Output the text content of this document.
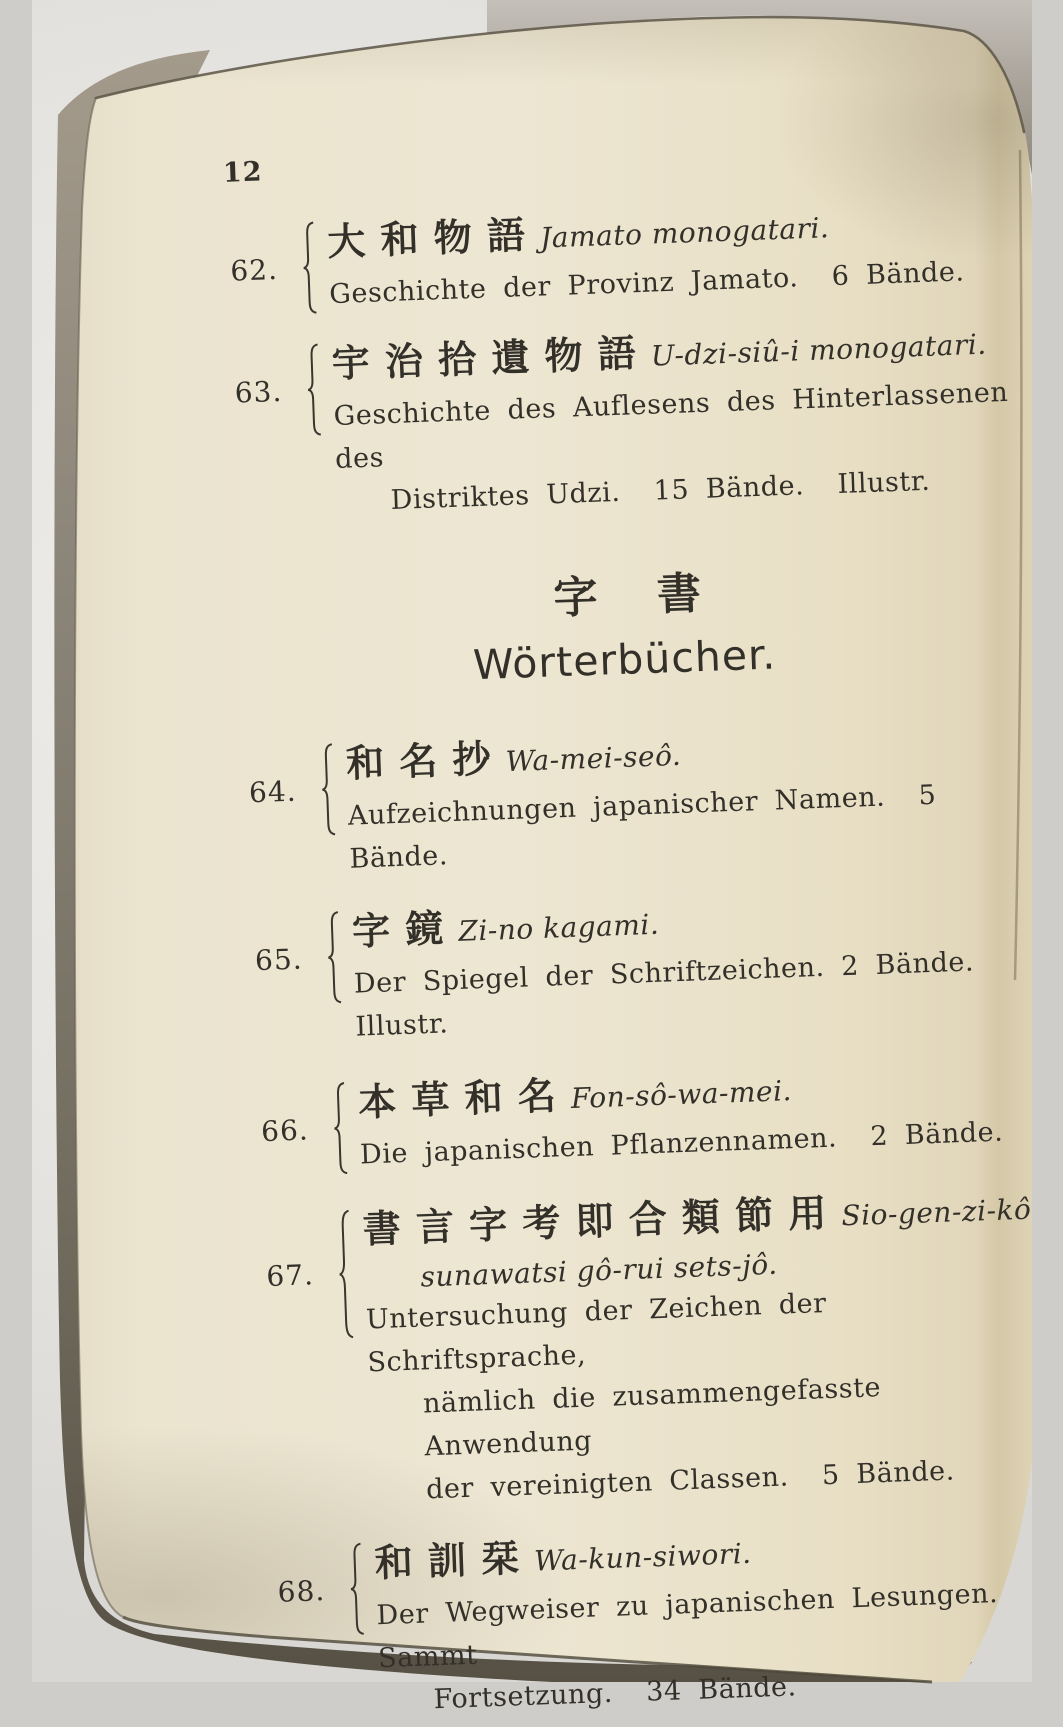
12
62.
大 和 物 語 Jamato monogatari.
Geschichte der Provinz Jamato.  6 Bände.
63.
宇 治 拾 遺 物 語 U-dzi-siû-i monogatari.
Geschichte des Auflesens des Hinterlassenen des
Distriktes Udzi.  15 Bände.  Illustr.
字 書
Wörterbücher.
64.
和 名 抄 Wa-mei-seô.
Aufzeichnungen japanischer Namen.  5 Bände.
65.
字 鏡 Zi-no kagami.
Der Spiegel der Schriftzeichen. 2 Bände. Illustr.
66.
本 草 和 名 Fon-sô-wa-mei.
Die japanischen Pflanzennamen.  2 Bände.
67.
書 言 字 考 即 合 類 節 用 Sio-gen-zi-kô
sunawatsi gô-rui sets-jô.
Untersuchung der Zeichen der Schriftsprache,
nämlich die zusammengefasste Anwendung
der vereinigten Classen.  5 Bände.
68.
和 訓 栞 Wa-kun-siwori.
Der Wegweiser zu japanischen Lesungen. Sammt
Fortsetzung.  34 Bände.
